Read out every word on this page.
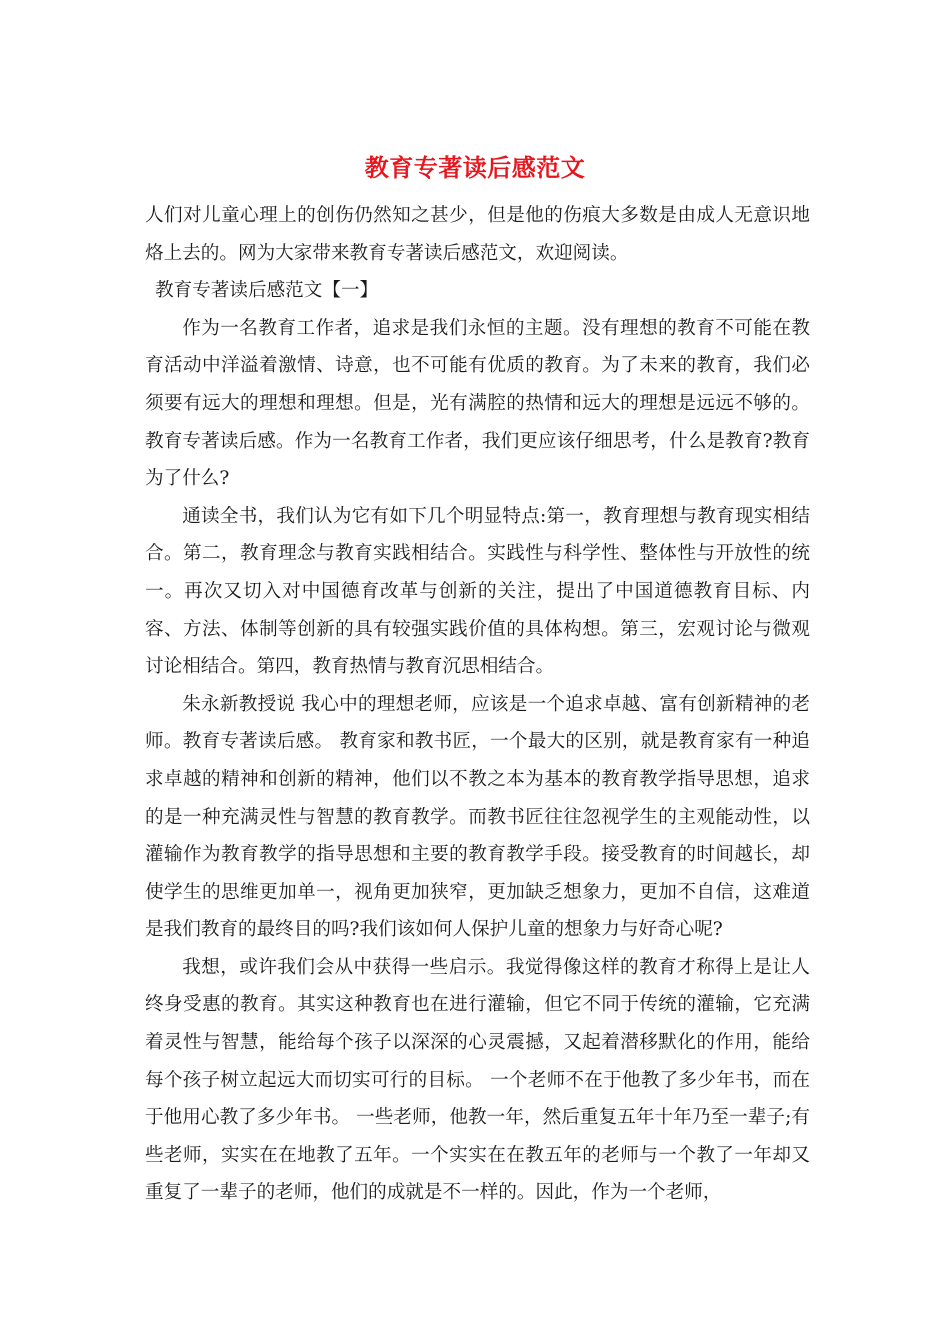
教育专著读后感范文

人们对儿童心理上的创伤仍然知之甚少，但是他的伤痕大多数是由成人无意识地烙上去的。网为大家带来教育专著读后感范文，欢迎阅读。

教育专著读后感范文【一】

作为一名教育工作者，追求是我们永恒的主题。没有理想的教育不可能在教育活动中洋溢着激情、诗意，也不可能有优质的教育。为了未来的教育，我们必须要有远大的理想和理想。但是，光有满腔的热情和远大的理想是远远不够的。教育专著读后感。作为一名教育工作者，我们更应该仔细思考，什么是教育?教育为了什么?

通读全书，我们认为它有如下几个明显特点:第一，教育理想与教育现实相结合。第二，教育理念与教育实践相结合。实践性与科学性、整体性与开放性的统一。再次又切入对中国德育改革与创新的关注，提出了中国道德教育目标、内容、方法、体制等创新的具有较强实践价值的具体构想。第三，宏观讨论与微观讨论相结合。第四，教育热情与教育沉思相结合。

朱永新教授说 我心中的理想老师，应该是一个追求卓越、富有创新精神的老师。教育专著读后感。 教育家和教书匠，一个最大的区别，就是教育家有一种追求卓越的精神和创新的精神，他们以不教之本为基本的教育教学指导思想，追求的是一种充满灵性与智慧的教育教学。而教书匠往往忽视学生的主观能动性，以灌输作为教育教学的指导思想和主要的教育教学手段。接受教育的时间越长，却使学生的思维更加单一，视角更加狭窄，更加缺乏想象力，更加不自信，这难道是我们教育的最终目的吗?我们该如何人保护儿童的想象力与好奇心呢?

我想，或许我们会从中获得一些启示。我觉得像这样的教育才称得上是让人终身受惠的教育。其实这种教育也在进行灌输，但它不同于传统的灌输，它充满着灵性与智慧，能给每个孩子以深深的心灵震撼，又起着潜移默化的作用，能给每个孩子树立起远大而切实可行的目标。 一个老师不在于他教了多少年书，而在于他用心教了多少年书。 一些老师，他教一年，然后重复五年十年乃至一辈子;有些老师，实实在在地教了五年。一个实实在在教五年的老师与一个教了一年却又重复了一辈子的老师，他们的成就是不一样的。因此，作为一个老师，
